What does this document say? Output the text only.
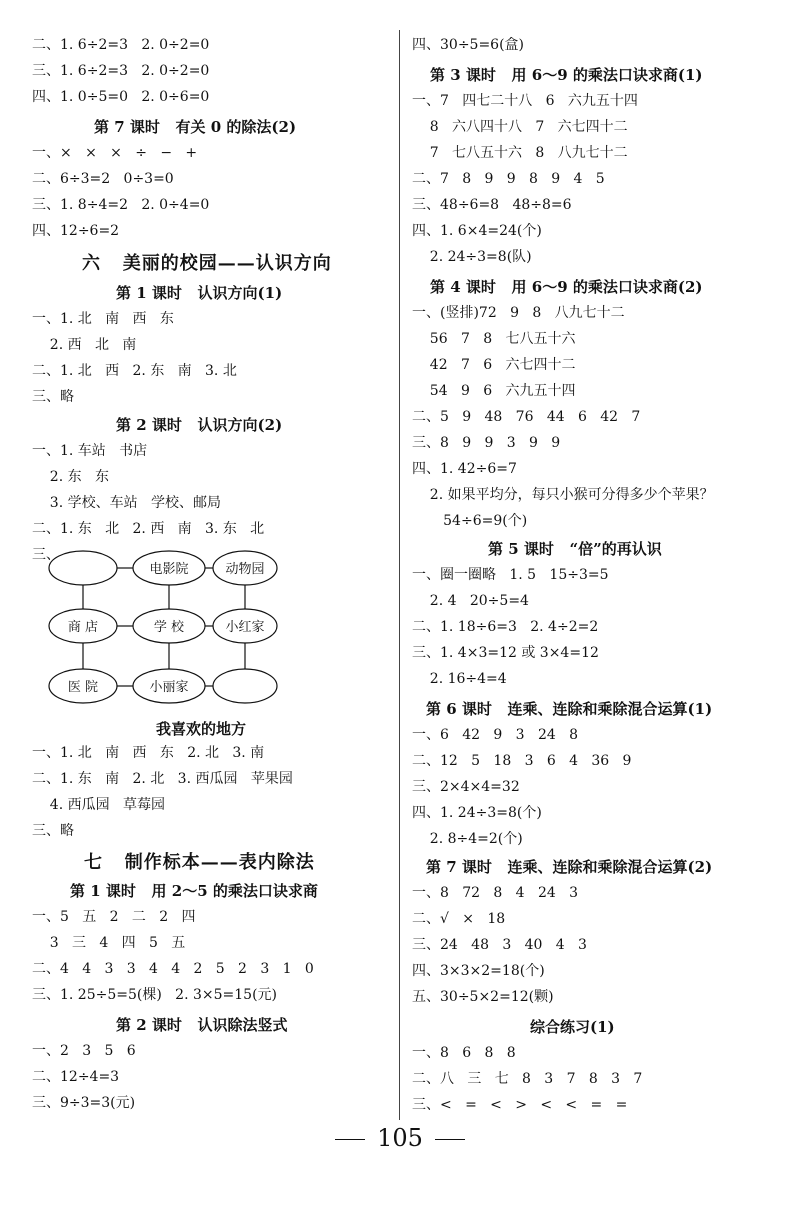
二、1. 6÷2=3   2. 0÷2=0
三、1. 6÷2=3   2. 0÷2=0
四、1. 0÷5=0   2. 0÷6=0
第 7 课时   有关 0 的除法(2)
一、×   ×   ×   ÷   −   +
二、6÷3=2   0÷3=0
三、1. 8÷4=2   2. 0÷4=0
四、12÷6=2
六   美丽的校园——认识方向
第 1 课时   认识方向(1)
一、1. 北   南   西   东
2. 西   北   南
二、1. 北   西   2. 东   南   3. 北
三、略
第 2 课时   认识方向(2)
一、1. 车站   书店
2. 东   东
3. 学校、车站   学校、邮局
二、1. 东   北   2. 西   南   3. 东   北
三、
电影院	动物园
商 店	学 校	小红家
医 院	小丽家
我喜欢的地方
一、1. 北   南   西   东   2. 北   3. 南
二、1. 东   南   2. 北   3. 西瓜园   苹果园
4. 西瓜园   草莓园
三、略
七   制作标本——表内除法
第 1 课时   用 2～5 的乘法口诀求商
一、5   五   2   二   2   四
3   三   4   四   5   五
二、4   4   3   3   4   4   2   5   2   3   1   0
三、1. 25÷5=5(棵)   2. 3×5=15(元)
第 2 课时   认识除法竖式
一、2   3   5   6
二、12÷4=3
三、9÷3=3(元)
四、30÷5=6(盒)
第 3 课时   用 6～9 的乘法口诀求商(1)
一、7   四七二十八   6   六九五十四
8   六八四十八   7   六七四十二
7   七八五十六   8   八九七十二
二、7   8   9   9   8   9   4   5
三、48÷6=8   48÷8=6
四、1. 6×4=24(个)
2. 24÷3=8(队)
第 4 课时   用 6～9 的乘法口诀求商(2)
一、(竖排)72   9   8   八九七十二
56   7   8   七八五十六
42   7   6   六七四十二
54   9   6   六九五十四
二、5   9   48   76   44   6   42   7
三、8   9   9   3   9   9
四、1. 42÷6=7
2. 如果平均分，每只小猴可分得多少个苹果？
54÷6=9(个)
第 5 课时   “倍”的再认识
一、圈一圈略   1. 5   15÷3=5
2. 4   20÷5=4
二、1. 18÷6=3   2. 4÷2=2
三、1. 4×3=12 或 3×4=12
2. 16÷4=4
第 6 课时   连乘、连除和乘除混合运算(1)
一、6   42   9   3   24   8
二、12   5   18   3   6   4   36   9
三、2×4×4=32
四、1. 24÷3=8(个)
2. 8÷4=2(个)
第 7 课时   连乘、连除和乘除混合运算(2)
一、8   72   8   4   24   3
二、√   ×   18
三、24   48   3   40   4   3
四、3×3×2=18(个)
五、30÷5×2=12(颗)
综合练习(1)
一、8   6   8   8
二、八   三   七   8   3   7   8   3   7
三、<   =   <   >   <   <   =   =
105
